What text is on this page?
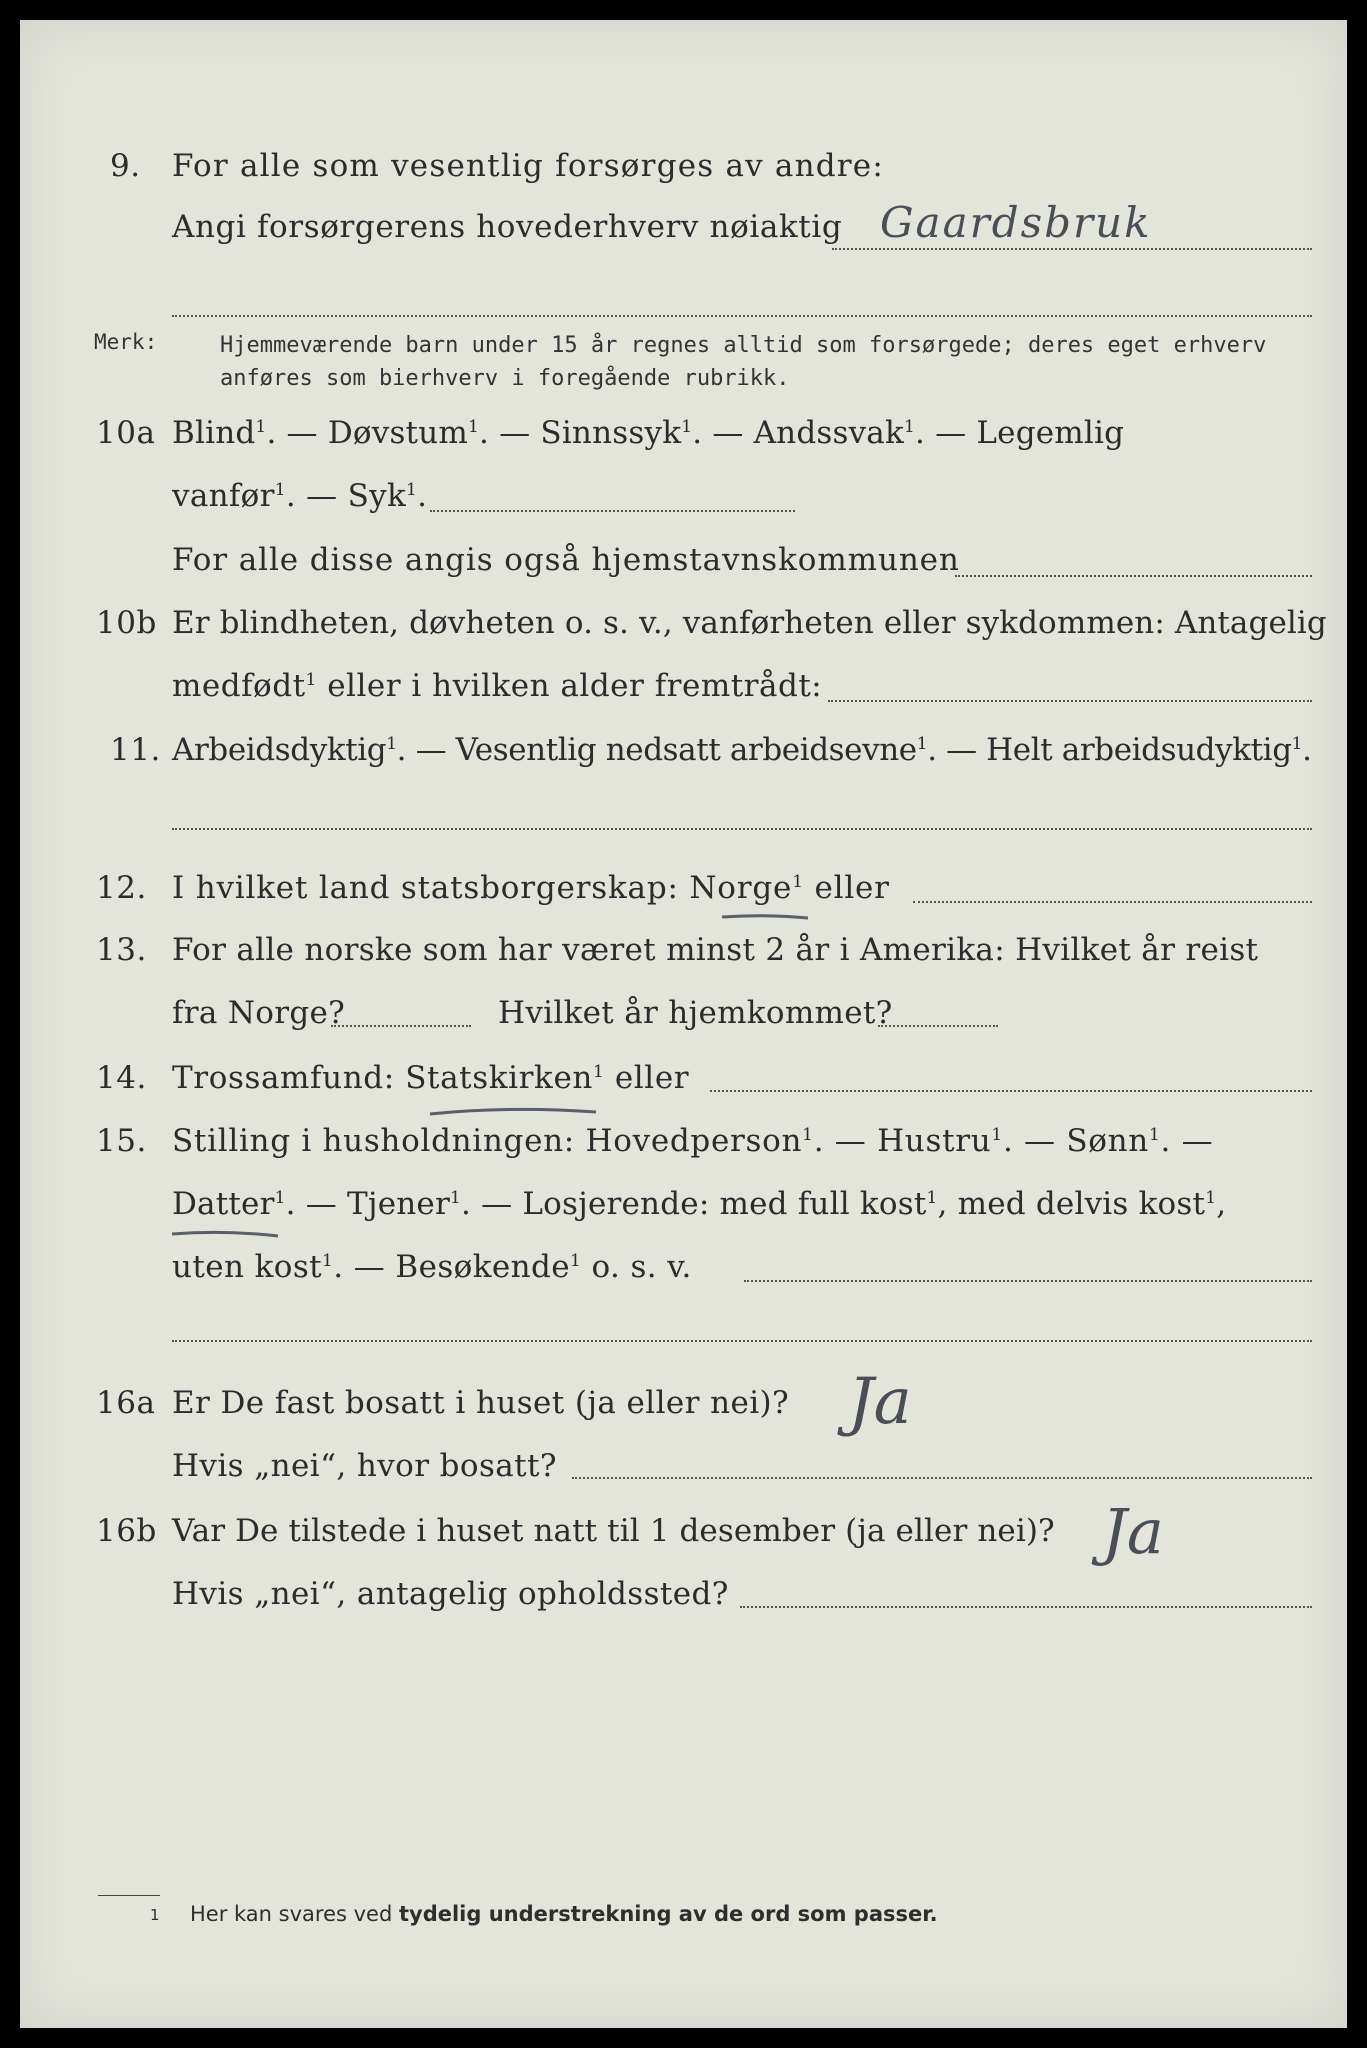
9. For alle som vesentlig forsørges av andre:
Angi forsørgerens hovederhverv nøiaktig Gaardsbruk
Merk:	Hjemmeværende barn under 15 år regnes alltid som forsørgede; deres eget erhverv
anføres som bierhverv i foregående rubrikk.
10a Blind$^1$. — Døvstum$^1$. — Sinnssyk$^1$. — Andssvak$^1$. — Legemlig
vanfør$^1$. — Syk$^1$.
For alle disse angis også hjemstavnskommunen
10b Er blindheten, døvheten o. s. v., vanførheten eller sykdommen: Antagelig
medfødt$^1$ eller i hvilken alder fremtrådt:
11. Arbeidsdyktig$^1$. — Vesentlig nedsatt arbeidsevne$^1$. — Helt arbeidsudyktig$^1$.
12. I hvilket land statsborgerskap: Norge$^1$ eller
13. For alle norske som har været minst 2 år i Amerika: Hvilket år reist
fra Norge?	Hvilket år hjemkommet?
14. Trossamfund: Statskirken$^1$ eller
15. Stilling i husholdningen: Hovedperson$^1$. — Hustru$^1$. — Sønn$^1$. —
Datter$^1$. — Tjener$^1$. — Losjerende: med full kost$^1$, med delvis kost$^1$,
uten kost$^1$. — Besøkende$^1$ o. s. v.
16a Er De fast bosatt i huset (ja eller nei)? Ja
Hvis „nei“, hvor bosatt?
16b Var De tilstede i huset natt til 1 desember (ja eller nei)? Ja
Hvis „nei“, antagelig opholdssted?
1 Her kan svares ved tydelig understrekning av de ord som passer.
